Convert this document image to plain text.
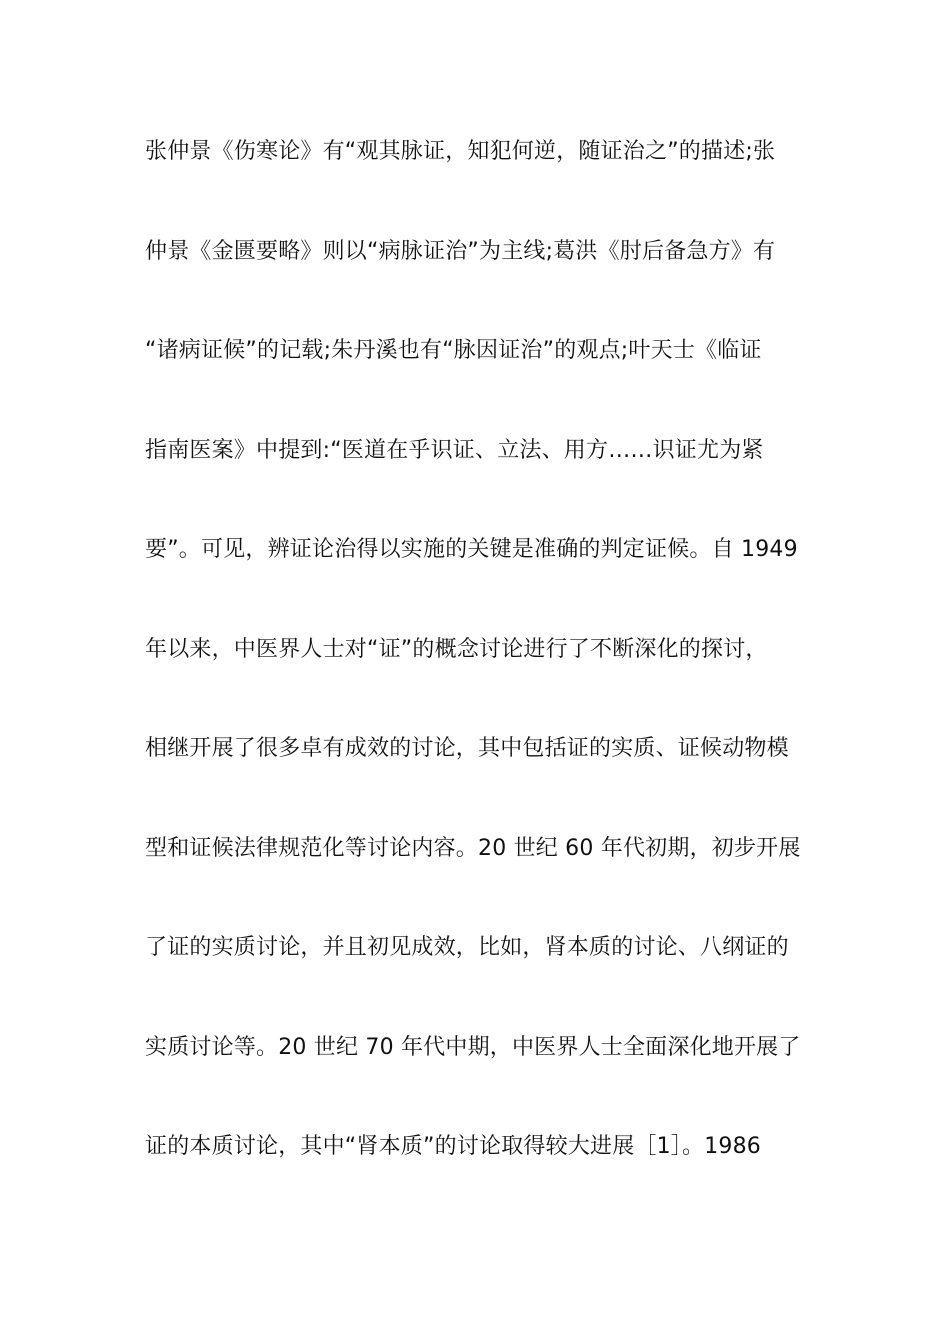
张仲景《伤寒论》有“观其脉证，知犯何逆，随证治之”的描述;张

仲景《金匮要略》则以“病脉证治”为主线;葛洪《肘后备急方》有

“诸病证候”的记载;朱丹溪也有“脉因证治”的观点;叶天士《临证

指南医案》中提到:“医道在乎识证、立法、用方……识证尤为紧

要”。可见，辨证论治得以实施的关键是准确的判定证候。自 1949

年以来，中医界人士对“证”的概念讨论进行了不断深化的探讨，

相继开展了很多卓有成效的讨论，其中包括证的实质、证候动物模

型和证候法律规范化等讨论内容。20 世纪 60 年代初期，初步开展

了证的实质讨论，并且初见成效，比如，肾本质的讨论、八纲证的

实质讨论等。20 世纪 70 年代中期，中医界人士全面深化地开展了

证的本质讨论，其中“肾本质”的讨论取得较大进展［1］。1986
